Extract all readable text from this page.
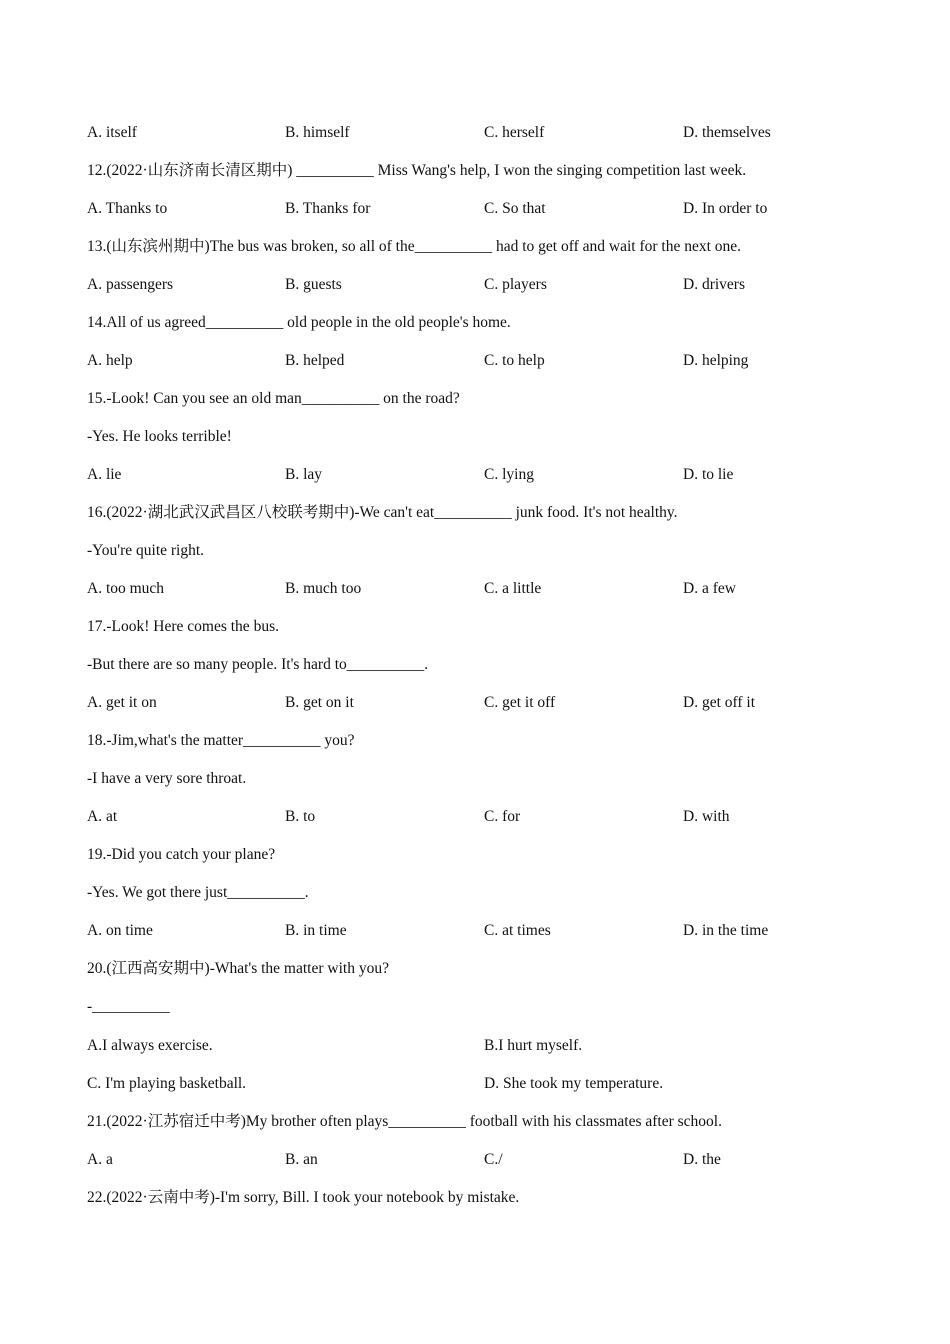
A. itself	B. himself	C. herself	D. themselves
12.(2022·山东济南长清区期中) __________ Miss Wang's help, I won the singing competition last week.
A. Thanks to	B. Thanks for	C. So that	D. In order to
13.(山东滨州期中)The bus was broken, so all of the__________ had to get off and wait for the next one.
A. passengers	B. guests	C. players	D. drivers
14.All of us agreed__________ old people in the old people's home.
A. help	B. helped	C. to help	D. helping
15.-Look! Can you see an old man__________ on the road?
-Yes. He looks terrible!
A. lie	B. lay	C. lying	D. to lie
16.(2022·湖北武汉武昌区八校联考期中)-We can't eat__________ junk food. It's not healthy.
-You're quite right.
A. too much	B. much too	C. a little	D. a few
17.-Look! Here comes the bus.
-But there are so many people. It's hard to__________.
A. get it on	B. get on it	C. get it off	D. get off it
18.-Jim,what's the matter__________ you?
-I have a very sore throat.
A. at	B. to	C. for	D. with
19.-Did you catch your plane?
-Yes. We got there just__________.
A. on time	B. in time	C. at times	D. in the time
20.(江西高安期中)-What's the matter with you?
-__________
A.I always exercise.	B.I hurt myself.
C. I'm playing basketball.	D. She took my temperature.
21.(2022·江苏宿迁中考)My brother often plays__________ football with his classmates after school.
A. a	B. an	C./	D. the
22.(2022·云南中考)-I'm sorry, Bill. I took your notebook by mistake.
